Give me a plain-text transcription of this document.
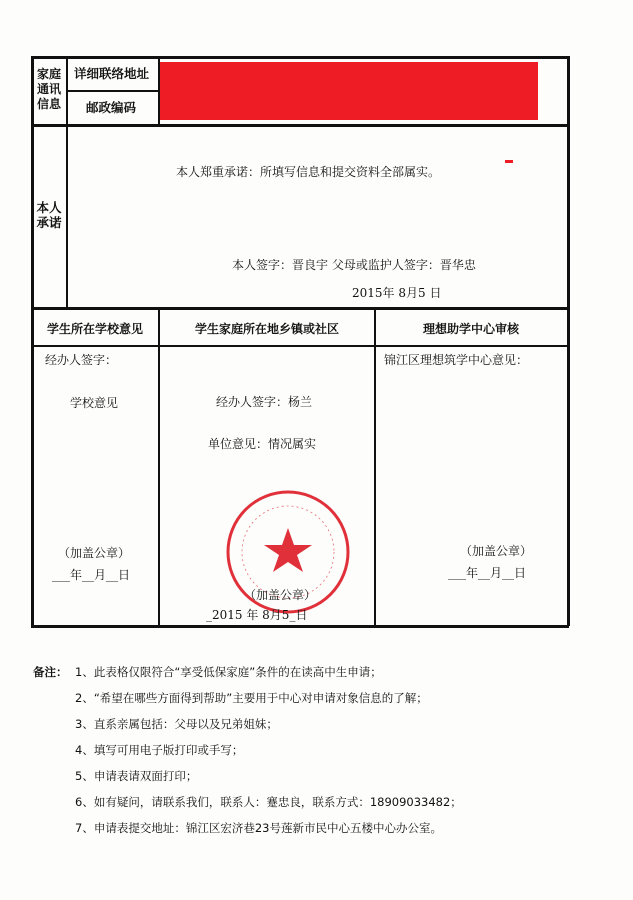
家庭通讯信息
详细联络地址
邮政编码
本人承诺
本人郑重承诺：所填写信息和提交资料全部属实。
本人签字：晋良宇 父母或监护人签字：晋华忠
2015年 8月5 日
学生所在学校意见	学生家庭所在地乡镇或社区	理想助学中心审核
经办人签字：
学校意见
（加盖公章）
___年__月__日
经办人签字：杨兰
单位意见：情况属实
（加盖公章）
_2015 年 8月5_日
锦江区理想筑学中心意见：
（加盖公章）
___年__月__日
备注： 1、此表格仅限符合“享受低保家庭”条件的在读高中生申请；
2、“希望在哪些方面得到帮助”主要用于中心对申请对象信息的了解；
3、直系亲属包括：父母以及兄弟姐妹；
4、填写可用电子版打印或手写；
5、申请表请双面打印；
6、如有疑问，请联系我们，联系人：蹇忠良，联系方式：18909033482；
7、申请表提交地址：锦江区宏济巷23号莲新市民中心五楼中心办公室。
